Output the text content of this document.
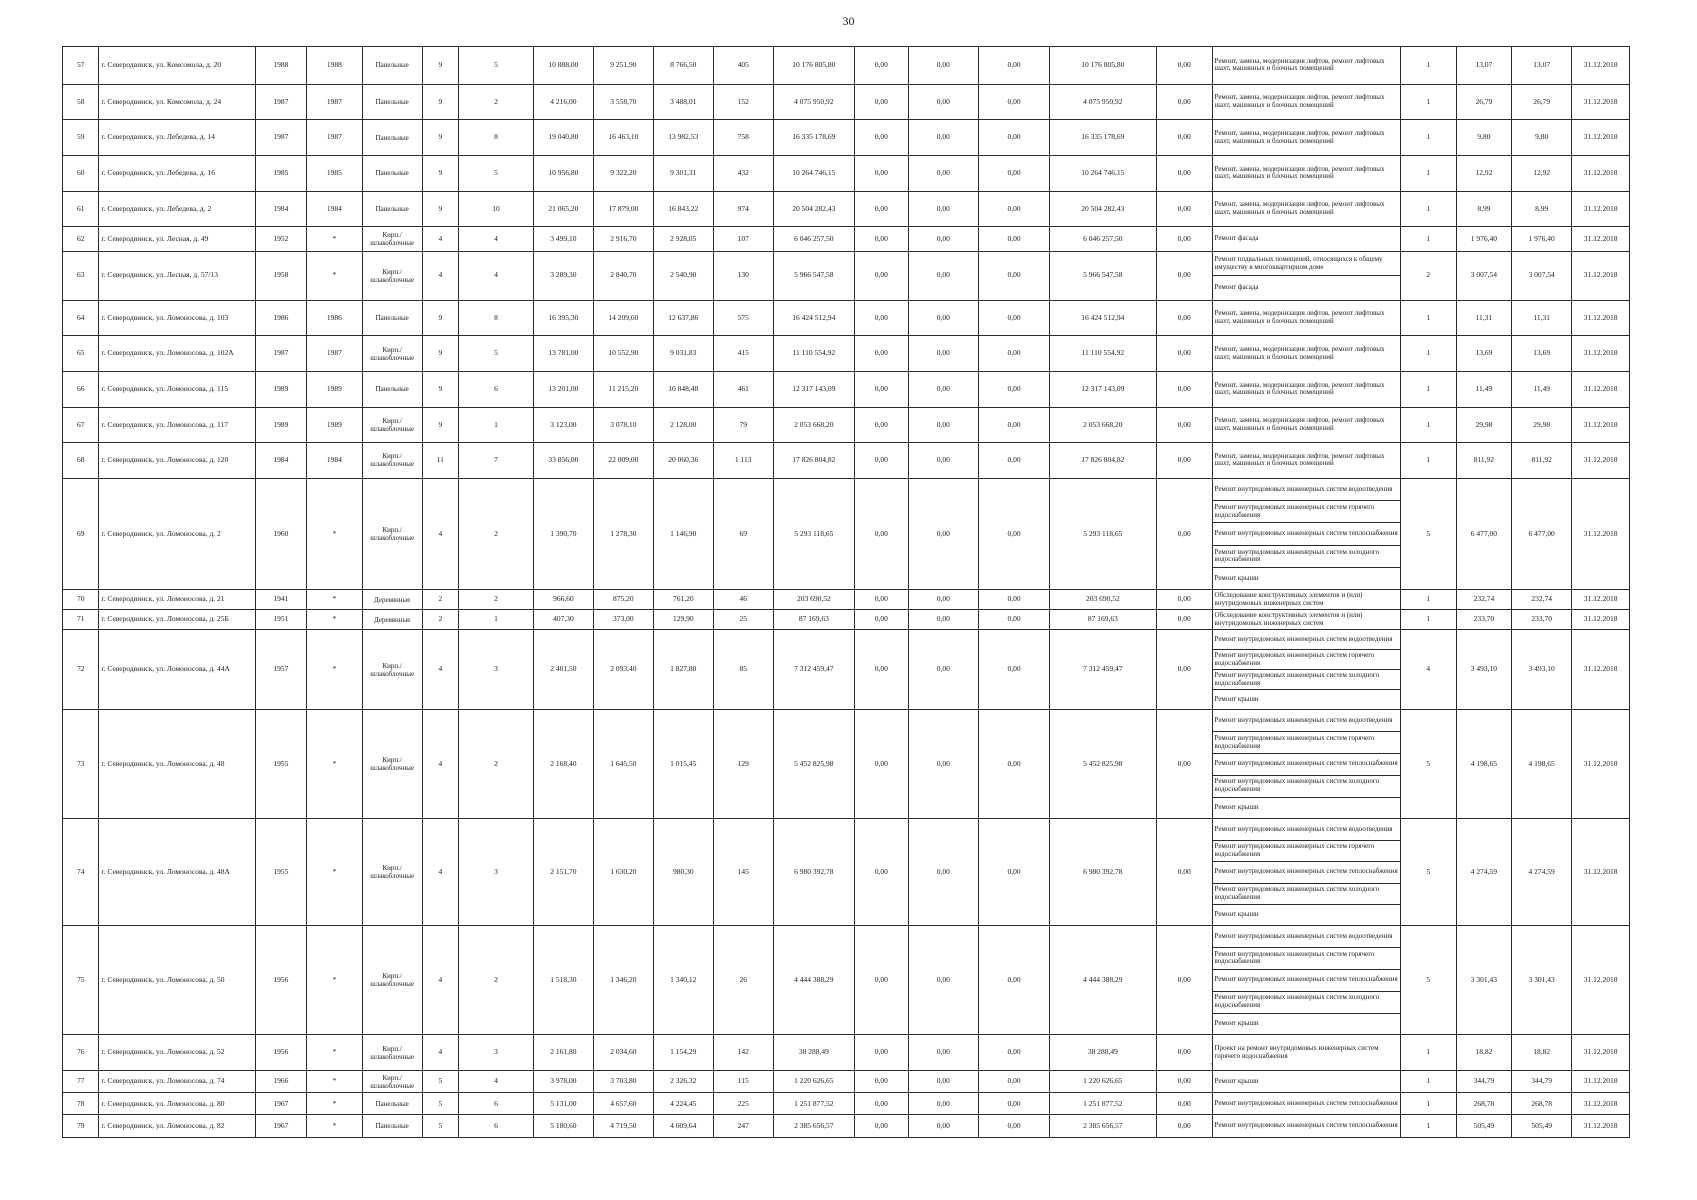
30
57	г. Северодвинск, ул. Комсомола, д. 20	1988	1988	Панельные	9	5	10 888,00	9 251,90	8 766,50	405	10 176 805,80	0,00	0,00	0,00	10 176 805,80	0,00	Ремонт, замена, модернизация лифтов, ремонт лифтовых шахт, машинных и блочных помещений	1	13,07	13,07	31.12.2018
58	г. Северодвинск, ул. Комсомола, д. 24	1987	1987	Панельные	9	2	4 216,00	3 558,70	3 488,01	152	4 075 950,92	0,00	0,00	0,00	4 075 950,92	0,00	Ремонт, замена, модернизация лифтов, ремонт лифтовых шахт, машинных и блочных помещений	1	26,79	26,79	31.12.2018
59	г. Северодвинск, ул. Лебедева, д. 14	1987	1987	Панельные	9	8	19 040,80	16 463,10	13 982,53	758	16 335 178,69	0,00	0,00	0,00	16 335 178,69	0,00	Ремонт, замена, модернизация лифтов, ремонт лифтовых шахт, машинных и блочных помещений	1	9,80	9,80	31.12.2018
60	г. Северодвинск, ул. Лебедева, д. 16	1985	1985	Панельные	9	5	10 956,80	9 322,20	9 301,31	432	10 264 746,15	0,00	0,00	0,00	10 264 746,15	0,00	Ремонт, замена, модернизация лифтов, ремонт лифтовых шахт, машинных и блочных помещений	1	12,92	12,92	31.12.2018
61	г. Северодвинск, ул. Лебедева, д. 2	1984	1984	Панельные	9	10	21 065,20	17 879,00	16 843,22	974	20 504 282,43	0,00	0,00	0,00	20 504 282,43	0,00	Ремонт, замена, модернизация лифтов, ремонт лифтовых шахт, машинных и блочных помещений	1	8,99	8,99	31.12.2018
62	г. Северодвинск, ул. Лесная, д. 49	1952	*	Кирп./ шлакоблочные	4	4	3 499,10	2 916,70	2 928,05	107	6 046 257,50	0,00	0,00	0,00	6 046 257,50	0,00	Ремонт фасада	1	1 976,40	1 976,40	31.12.2018
63	г. Северодвинск, ул. Лесная, д. 57/13	1958	*	Кирп./ шлакоблочные	4	4	3 289,30	2 840,70	2 540,90	130	5 966 547,58	0,00	0,00	0,00	5 966 547,58	0,00	Ремонт подвальных помещений, относящихся к общему имуществу в многоквартирном доме
Ремонт фасада	2	3 007,54	3 007,54	31.12.2018
64	г. Северодвинск, ул. Ломоносова, д. 103	1986	1986	Панельные	9	8	16 395,30	14 209,60	12 637,86	575	16 424 512,94	0,00	0,00	0,00	16 424 512,94	0,00	Ремонт, замена, модернизация лифтов, ремонт лифтовых шахт, машинных и блочных помещений	1	11,31	11,31	31.12.2018
65	г. Северодвинск, ул. Ломоносова, д. 102А	1987	1987	Кирп./ шлакоблочные	9	5	13 781,00	10 552,90	9 031,83	415	11 110 554,92	0,00	0,00	0,00	11 110 554,92	0,00	Ремонт, замена, модернизация лифтов, ремонт лифтовых шахт, машинных и блочных помещений	1	13,69	13,69	31.12.2018
66	г. Северодвинск, ул. Ломоносова, д. 115	1989	1989	Панельные	9	6	13 201,00	11 215,20	10 848,48	461	12 317 143,09	0,00	0,00	0,00	12 317 143,09	0,00	Ремонт, замена, модернизация лифтов, ремонт лифтовых шахт, машинных и блочных помещений	1	11,49	11,49	31.12.2018
67	г. Северодвинск, ул. Ломоносова, д. 117	1989	1989	Кирп./ шлакоблочные	9	1	3 123,00	3 078,10	2 128,00	79	2 053 668,20	0,00	0,00	0,00	2 053 668,20	0,00	Ремонт, замена, модернизация лифтов, ремонт лифтовых шахт, машинных и блочных помещений	1	29,98	29,98	31.12.2018
68	г. Северодвинск, ул. Ломоносова, д. 120	1984	1984	Кирп./ шлакоблочные	11	7	33 856,00	22 009,00	20 060,36	1 113	17 826 804,82	0,00	0,00	0,00	17 826 804,82	0,00	Ремонт, замена, модернизация лифтов, ремонт лифтовых шахт, машинных и блочных помещений	1	811,92	811,92	31.12.2018
69	г. Северодвинск, ул. Ломоносова, д. 2	1960	*	Кирп./ шлакоблочные	4	2	1 390,70	1 278,30	1 146,90	69	5 293 118,65	0,00	0,00	0,00	5 293 118,65	0,00	Ремонт внутридомовых инженерных систем водоотведения
Ремонт внутридомовых инженерных систем горячего водоснабжения
Ремонт внутридомовых инженерных систем теплоснабжения
Ремонт внутридомовых инженерных систем холодного водоснабжения
Ремонт крыши	5	6 477,00	6 477,00	31.12.2018
70	г. Северодвинск, ул. Ломоносова, д. 21	1941	*	Деревянные	2	2	966,60	875,20	761,20	46	203 690,52	0,00	0,00	0,00	203 690,52	0,00	Обследование конструктивных элементов и (или) внутридомовых инженерных систем	1	232,74	232,74	31.12.2018
71	г. Северодвинск, ул. Ломоносова, д. 25Б	1951	*	Деревянные	2	1	407,30	373,00	129,90	25	87 169,63	0,00	0,00	0,00	87 169,63	0,00	Обследование конструктивных элементов и (или) внутридомовых инженерных систем	1	233,70	233,70	31.12.2018
72	г. Северодвинск, ул. Ломоносова, д. 44А	1957	*	Кирп./ шлакоблочные	4	3	2 401,50	2 093,40	1 827,80	85	7 312 459,47	0,00	0,00	0,00	7 312 459,47	0,00	Ремонт внутридомовых инженерных систем водоотведения
Ремонт внутридомовых инженерных систем горячего водоснабжения
Ремонт внутридомовых инженерных систем холодного водоснабжения
Ремонт крыши	4	3 493,10	3 493,10	31.12.2018
73	г. Северодвинск, ул. Ломоносова, д. 48	1955	*	Кирп./ шлакоблочные	4	2	2 168,40	1 645,50	1 015,45	129	5 452 825,98	0,00	0,00	0,00	5 452 825,98	0,00	Ремонт внутридомовых инженерных систем водоотведения
Ремонт внутридомовых инженерных систем горячего водоснабжения
Ремонт внутридомовых инженерных систем теплоснабжения
Ремонт внутридомовых инженерных систем холодного водоснабжения
Ремонт крыши	5	4 198,65	4 198,65	31.12.2018
74	г. Северодвинск, ул. Ломоносова, д. 48А	1955	*	Кирп./ шлакоблочные	4	3	2 151,70	1 630,20	980,30	145	6 980 392,78	0,00	0,00	0,00	6 980 392,78	0,00	Ремонт внутридомовых инженерных систем водоотведения
Ремонт внутридомовых инженерных систем горячего водоснабжения
Ремонт внутридомовых инженерных систем теплоснабжения
Ремонт внутридомовых инженерных систем холодного водоснабжения
Ремонт крыши	5	4 274,59	4 274,59	31.12.2018
75	г. Северодвинск, ул. Ломоносова, д. 50	1956	*	Кирп./ шлакоблочные	4	2	1 518,30	1 346,20	1 340,12	26	4 444 388,29	0,00	0,00	0,00	4 444 388,29	0,00	Ремонт внутридомовых инженерных систем водоотведения
Ремонт внутридомовых инженерных систем горячего водоснабжения
Ремонт внутридомовых инженерных систем теплоснабжения
Ремонт внутридомовых инженерных систем холодного водоснабжения
Ремонт крыши	5	3 301,43	3 301,43	31.12.2018
76	г. Северодвинск, ул. Ломоносова, д. 52	1956	*	Кирп./ шлакоблочные	4	3	2 161,80	2 034,60	1 154,29	142	38 288,49	0,00	0,00	0,00	38 288,49	0,00	Проект на ремонт внутридомовых инженерных систем горячего водоснабжения	1	18,82	18,82	31.12.2018
77	г. Северодвинск, ул. Ломоносова, д. 74	1966	*	Кирп./ шлакоблочные	5	4	3 978,00	3 703,80	2 326,32	115	1 220 626,65	0,00	0,00	0,00	1 220 626,65	0,00	Ремонт крыши	1	344,79	344,79	31.12.2018
78	г. Северодвинск, ул. Ломоносова, д. 80	1967	*	Панельные	5	6	5 131,00	4 657,60	4 224,45	225	1 251 877,52	0,00	0,00	0,00	1 251 877,52	0,00	Ремонт внутридомовых инженерных систем теплоснабжения	1	268,78	268,78	31.12.2018
79	г. Северодвинск, ул. Ломоносова, д. 82	1967	*	Панельные	5	6	5 180,60	4 719,50	4 609,64	247	2 385 656,57	0,00	0,00	0,00	2 385 656,57	0,00	Ремонт внутридомовых инженерных систем теплоснабжения	1	505,49	505,49	31.12.2018
-
